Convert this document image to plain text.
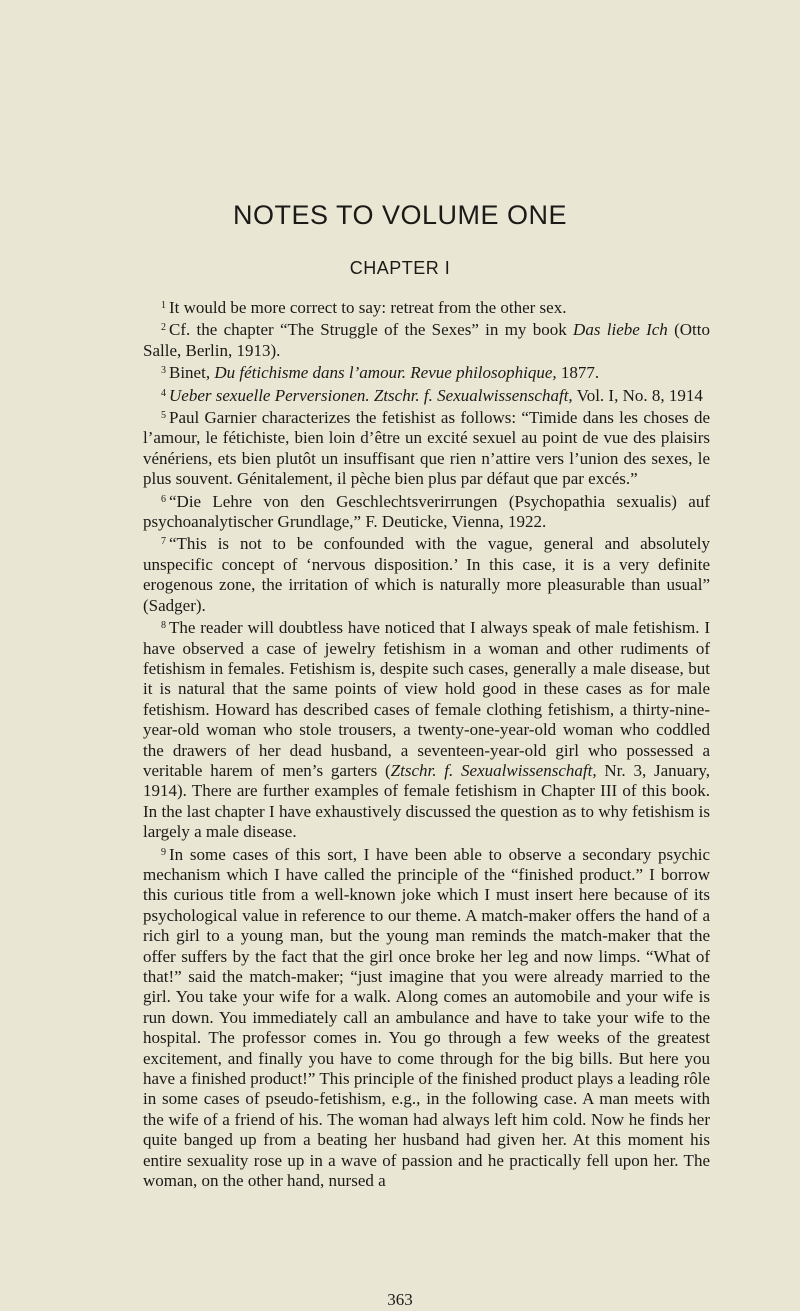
NOTES TO VOLUME ONE
CHAPTER I

$^1$ It would be more correct to say: retreat from the other sex.

$^2$ Cf. the chapter “The Struggle of the Sexes” in my book Das liebe Ich (Otto Salle, Berlin, 1913).

$^3$ Binet, Du fétichisme dans l’amour. Revue philosophique, 1877.

$^4$ Ueber sexuelle Perversionen. Ztschr. f. Sexualwissenschaft, Vol. I, No. 8, 1914

$^5$ Paul Garnier characterizes the fetishist as follows: “Timide dans les choses de l’amour, le fétichiste, bien loin d’être un excité sexuel au point de vue des plaisirs vénériens, ets bien plutôt un insuffisant que rien n’attire vers l’union des sexes, le plus souvent. Génitalement, il pèche bien plus par défaut que par excés.”

$^6$ “Die Lehre von den Geschlechtsverirrungen (Psychopathia sexualis) auf psychoanalytischer Grundlage,” F. Deuticke, Vienna, 1922.

$^7$ “This is not to be confounded with the vague, general and absolutely unspecific concept of ‘nervous disposition.’ In this case, it is a very definite erogenous zone, the irritation of which is naturally more pleasurable than usual” (Sadger).

$^8$ The reader will doubtless have noticed that I always speak of male fetishism. I have observed a case of jewelry fetishism in a woman and other rudiments of fetishism in females. Fetishism is, despite such cases, generally a male disease, but it is natural that the same points of view hold good in these cases as for male fetishism. Howard has described cases of female clothing fetishism, a thirty-nine-year-old woman who stole trousers, a twenty-one-year-old woman who coddled the drawers of her dead husband, a seventeen-year-old girl who possessed a veritable harem of men’s garters (Ztschr. f. Sexualwissenschaft, Nr. 3, January, 1914). There are further examples of female fetishism in Chapter III of this book. In the last chapter I have exhaustively discussed the question as to why fetishism is largely a male disease.

$^9$ In some cases of this sort, I have been able to observe a secondary psychic mechanism which I have called the principle of the “finished product.” I borrow this curious title from a well-known joke which I must insert here because of its psychological value in reference to our theme. A match-maker offers the hand of a rich girl to a young man, but the young man reminds the match-maker that the offer suffers by the fact that the girl once broke her leg and now limps. “What of that!” said the match-maker; “just imagine that you were already married to the girl. You take your wife for a walk. Along comes an automobile and your wife is run down. You immediately call an ambulance and have to take your wife to the hospital. The professor comes in. You go through a few weeks of the greatest excitement, and finally you have to come through for the big bills. But here you have a finished product!” This principle of the finished product plays a leading rôle in some cases of pseudo-fetishism, e.g., in the following case. A man meets with the wife of a friend of his. The woman had always left him cold. Now he finds her quite banged up from a beating her husband had given her. At this moment his entire sexuality rose up in a wave of passion and he practically fell upon her. The woman, on the other hand, nursed a

363
